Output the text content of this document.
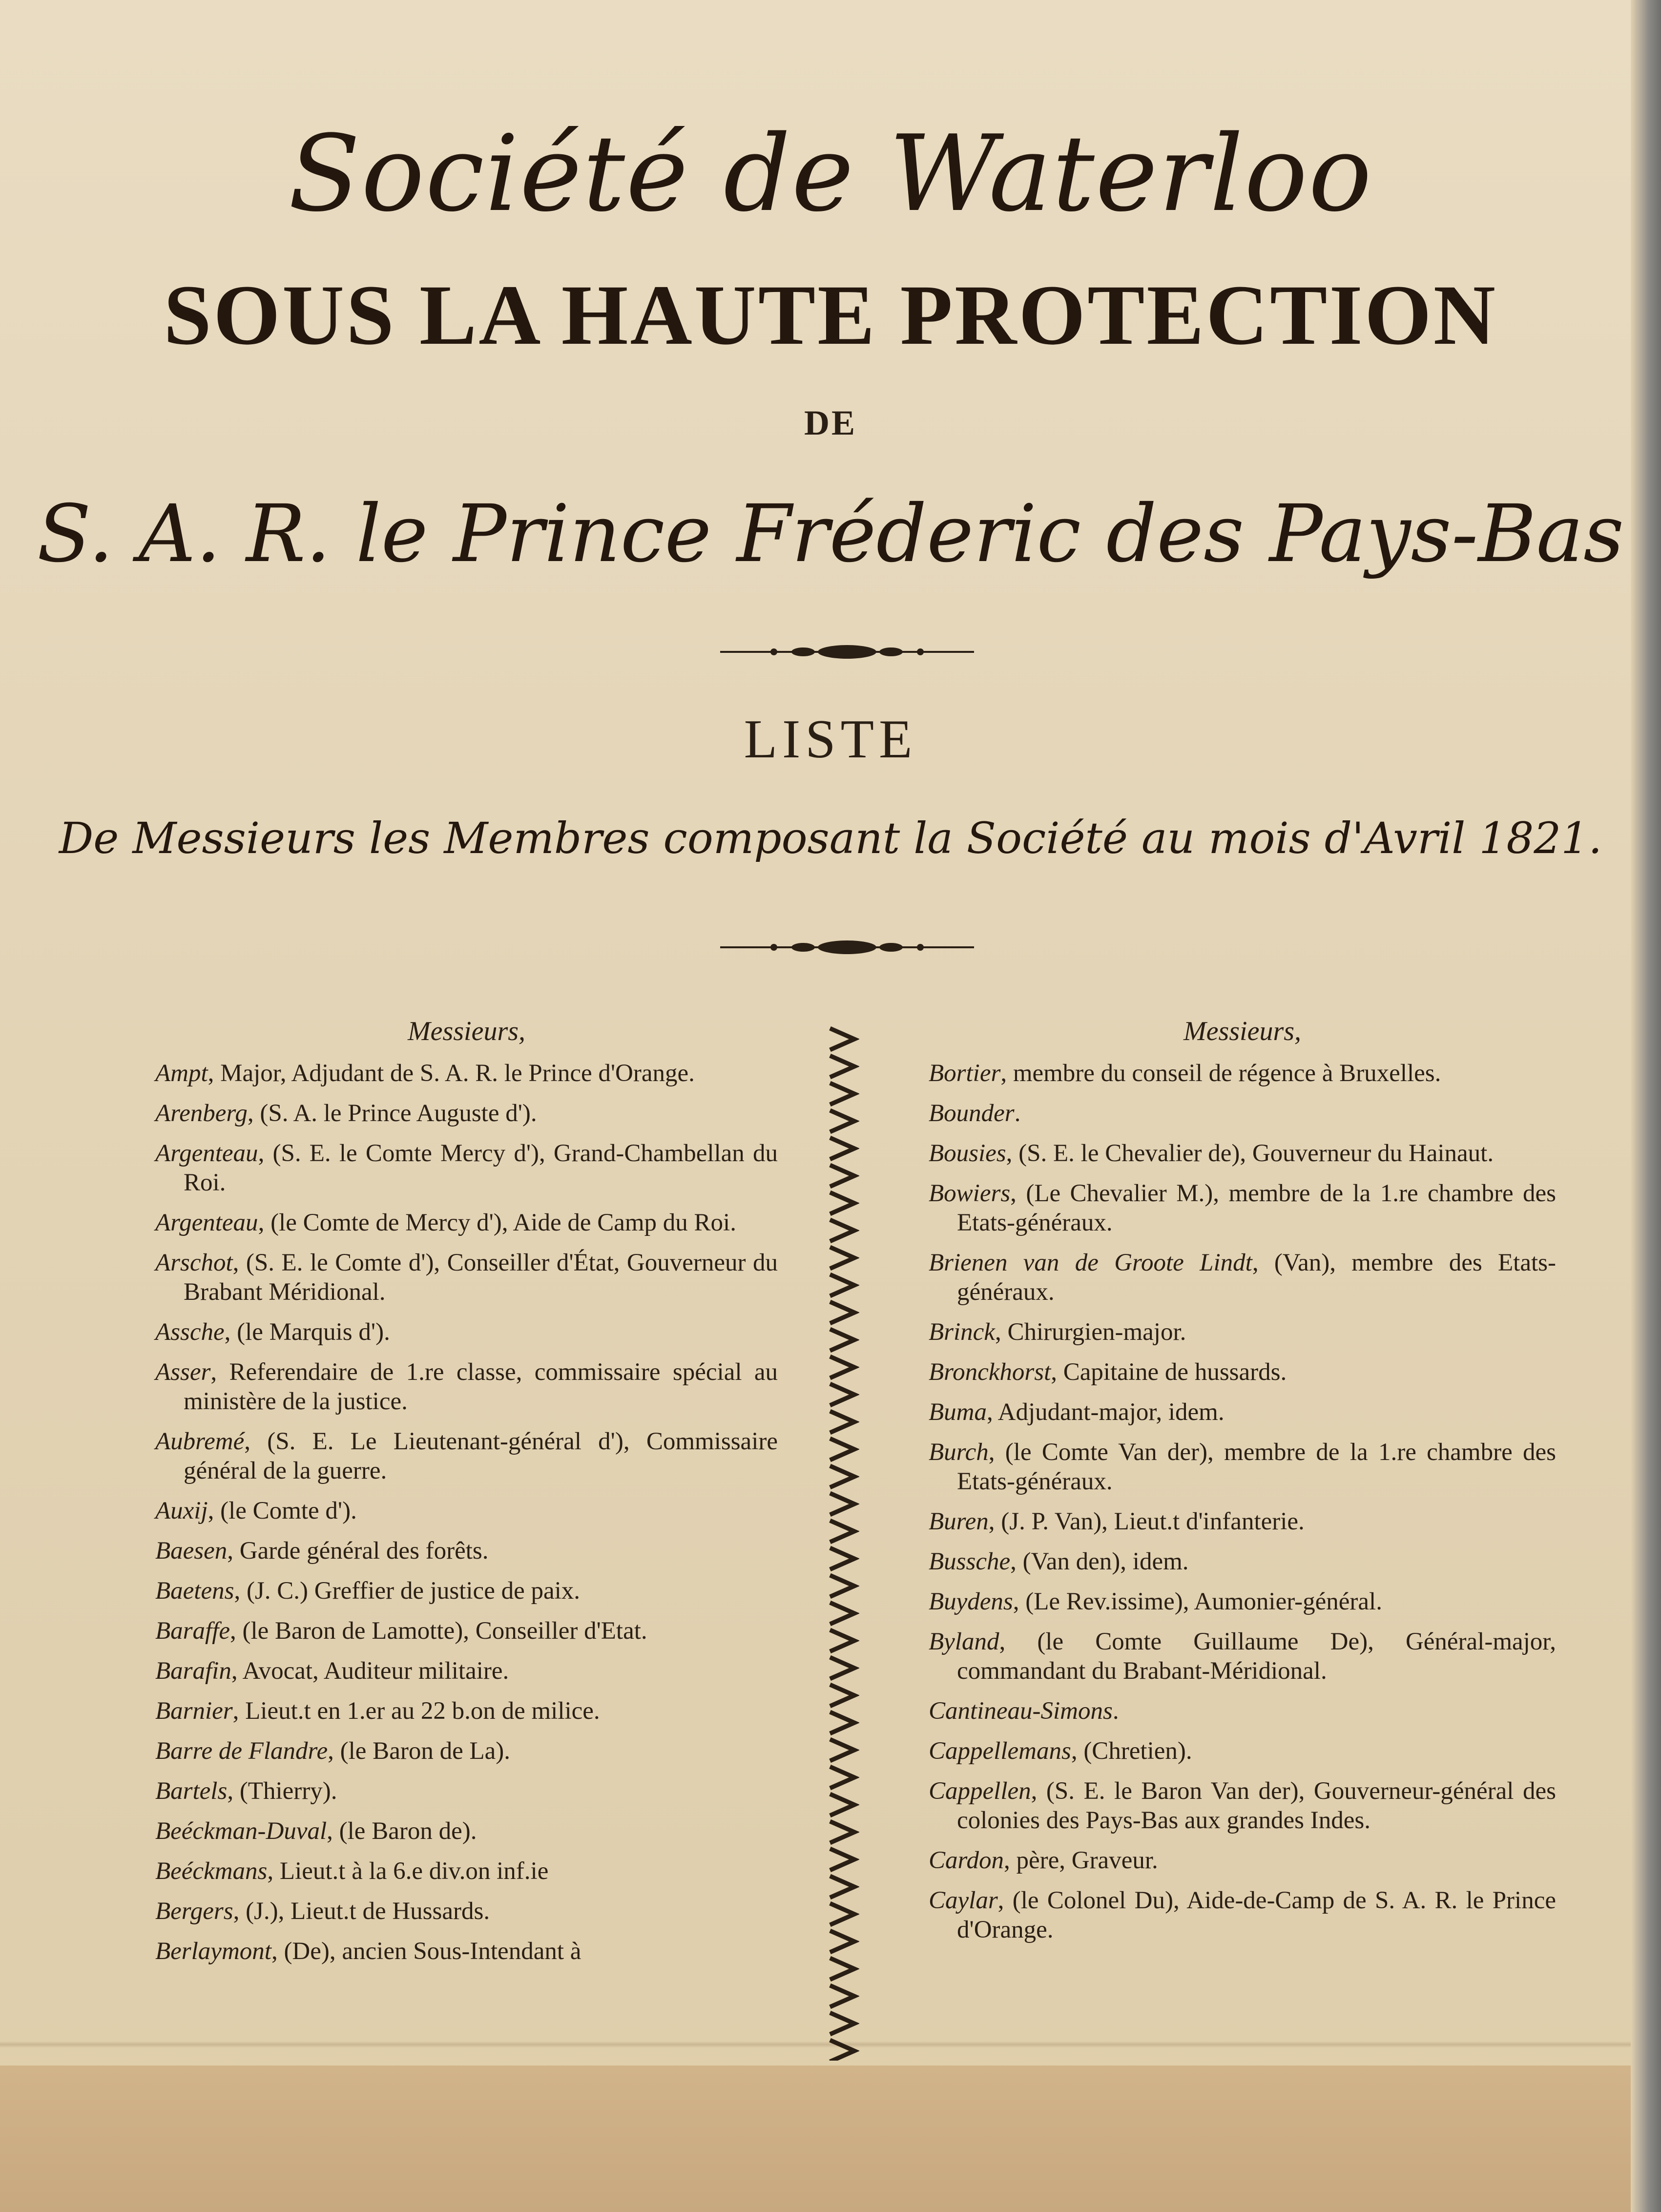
Société de Waterloo
SOUS LA HAUTE PROTECTION
DE
S. A. R. le Prince Fréderic des Pays-Bas
LISTE
De Messieurs les Membres composant la Société au mois d'Avril 1821.
Messieurs,
Ampt, Major, Adjudant de S. A. R. le Prince d'Orange.
Arenberg, (S. A. le Prince Auguste d').
Argenteau, (S. E. le Comte Mercy d'), Grand-Chambellan du Roi.
Argenteau, (le Comte de Mercy d'), Aide de Camp du Roi.
Arschot, (S. E. le Comte d'), Conseiller d'État, Gouverneur du Brabant Méridional.
Assche, (le Marquis d').
Asser, Referendaire de 1.re classe, commissaire spécial au ministère de la justice.
Aubremé, (S. E. Le Lieutenant-général d'), Commissaire général de la guerre.
Auxij, (le Comte d').
Baesen, Garde général des forêts.
Baetens, (J. C.) Greffier de justice de paix.
Baraffe, (le Baron de Lamotte), Conseiller d'Etat.
Barafin, Avocat, Auditeur militaire.
Barnier, Lieut.t en 1.er au 22 b.on de milice.
Barre de Flandre, (le Baron de La).
Bartels, (Thierry).
Beéckman-Duval, (le Baron de).
Beéckmans, Lieut.t à la 6.e div.on inf.ie
Bergers, (J.), Lieut.t de Hussards.
Berlaymont, (De), ancien Sous-Intendant à
Messieurs,
Bortier, membre du conseil de régence à Bruxelles.
Bounder.
Bousies, (S. E. le Chevalier de), Gouverneur du Hainaut.
Bowiers, (Le Chevalier M.), membre de la 1.re chambre des Etats-généraux.
Brienen van de Groote Lindt, (Van), membre des Etats-généraux.
Brinck, Chirurgien-major.
Bronckhorst, Capitaine de hussards.
Buma, Adjudant-major, idem.
Burch, (le Comte Van der), membre de la 1.re chambre des Etats-généraux.
Buren, (J. P. Van), Lieut.t d'infanterie.
Bussche, (Van den), idem.
Buydens, (Le Rev.issime), Aumonier-général.
Byland, (le Comte Guillaume De), Général-major, commandant du Brabant-Méridional.
Cantineau-Simons.
Cappellemans, (Chretien).
Cappellen, (S. E. le Baron Van der), Gouverneur-général des colonies des Pays-Bas aux grandes Indes.
Cardon, père, Graveur.
Caylar, (le Colonel Du), Aide-de-Camp de S. A. R. le Prince d'Orange.
